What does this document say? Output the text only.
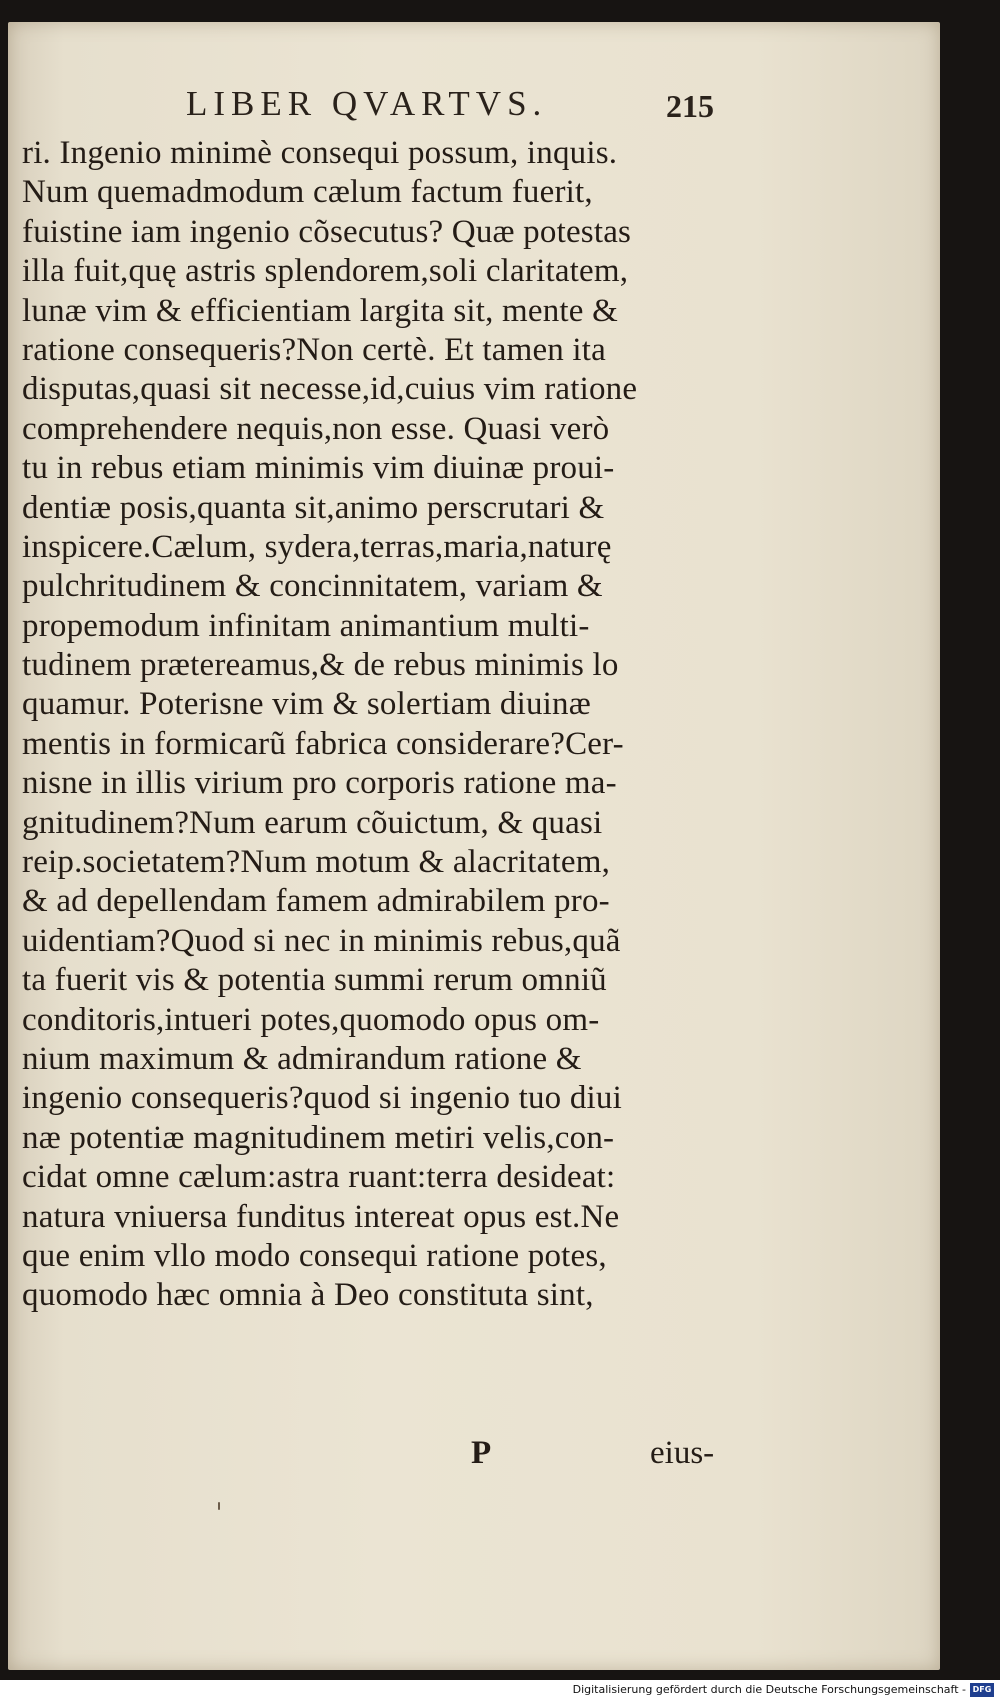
LIBER QVARTVS.	215
ri. Ingenio minimè consequi possum, inquis.
Num quemadmodum cælum factum fuerit,
fuistine iam ingenio cõsecutus? Quæ potestas
illa fuit,quę astris splendorem,soli claritatem,
lunæ vim & efficientiam largita sit, mente &
ratione consequeris?Non certè. Et tamen ita
disputas,quasi sit necesse,id,cuius vim ratione
comprehendere nequis,non esse. Quasi verò
tu in rebus etiam minimis vim diuinæ proui-
dentiæ posis,quanta sit,animo perscrutari &
inspicere.Cælum, sydera,terras,maria,naturę
pulchritudinem & concinnitatem, variam &
propemodum infinitam animantium multi-
tudinem prætereamus,& de rebus minimis lo
quamur. Poterisne vim & solertiam diuinæ
mentis in formicarũ fabrica considerare?Cer-
nisne in illis virium pro corporis ratione ma-
gnitudinem?Num earum cõuictum, & quasi
reip.societatem?Num motum & alacritatem,
& ad depellendam famem admirabilem pro-
uidentiam?Quod si nec in minimis rebus,quã
ta fuerit vis & potentia summi rerum omniũ
conditoris,intueri potes,quomodo opus om-
nium maximum & admirandum ratione &
ingenio consequeris?quod si ingenio tuo diui
næ potentiæ magnitudinem metiri velis,con-
cidat omne cælum:astra ruant:terra desideat:
natura vniuersa funditus intereat opus est.Ne
que enim vllo modo consequi ratione potes,
quomodo hæc omnia à Deo constituta sint,
P	eius-
Digitalisierung gefördert durch die Deutsche Forschungsgemeinschaft - DFG
